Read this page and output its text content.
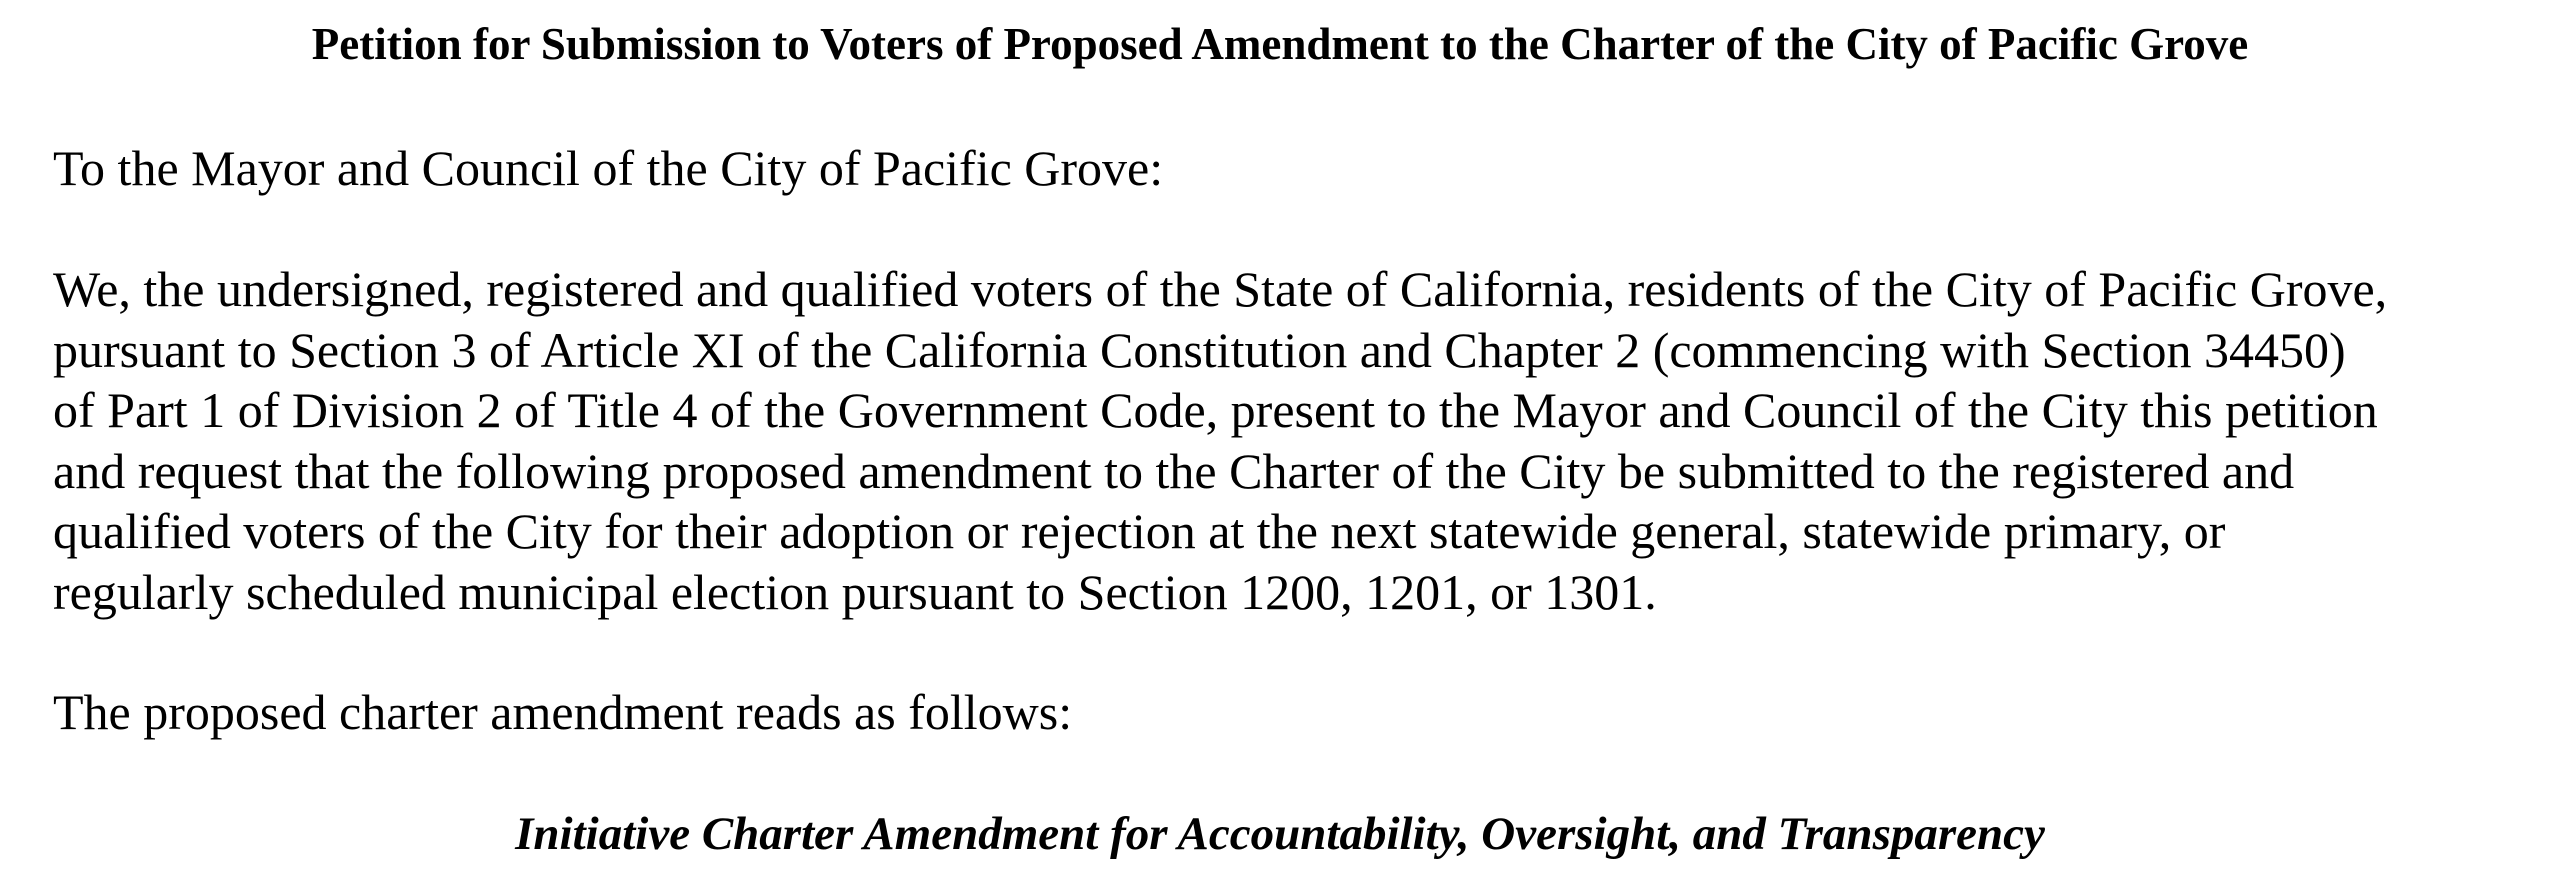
Petition for Submission to Voters of Proposed Amendment to the Charter of the City of Pacific Grove
To the Mayor and Council of the City of Pacific Grove:
We, the undersigned, registered and qualified voters of the State of California, residents of the City of Pacific Grove,
pursuant to Section 3 of Article XI of the California Constitution and Chapter 2 (commencing with Section 34450)
of Part 1 of Division 2 of Title 4 of the Government Code, present to the Mayor and Council of the City this petition
and request that the following proposed amendment to the Charter of the City be submitted to the registered and
qualified voters of the City for their adoption or rejection at the next statewide general, statewide primary, or
regularly scheduled municipal election pursuant to Section 1200, 1201, or 1301.
The proposed charter amendment reads as follows:
Initiative Charter Amendment for Accountability, Oversight, and Transparency
